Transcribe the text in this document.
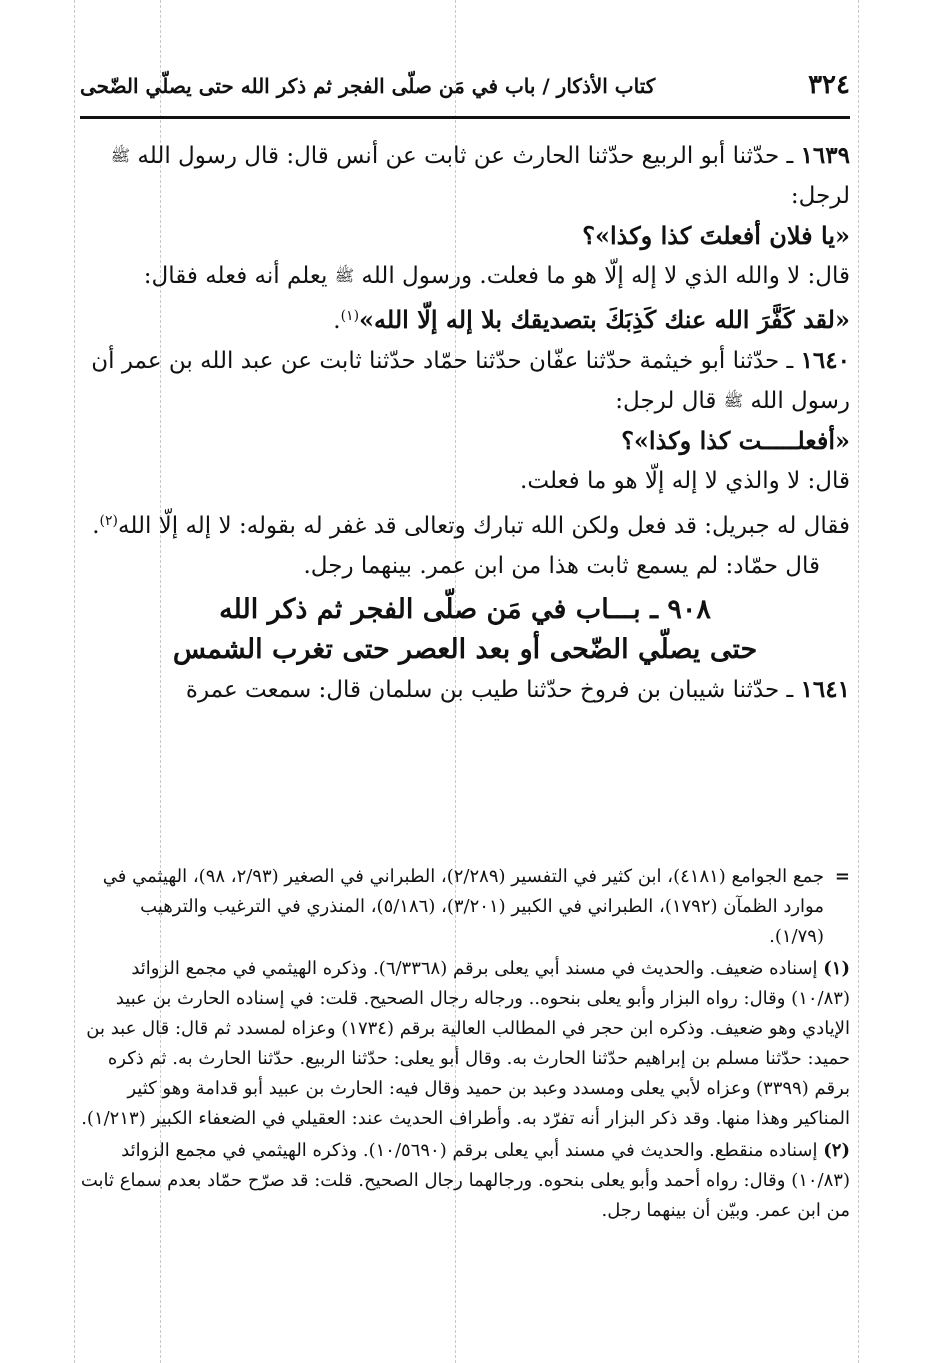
٣٢٤
كتاب الأذكار / باب في مَن صلّى الفجر ثم ذكر الله حتى يصلّي الضّحى

١٦٣٩ ـ حدّثنا أبو الربيع حدّثنا الحارث عن ثابت عن أنس قال: قال رسول الله ﷺ لرجل:

«يا فلان أفعلتَ كذا وكذا»؟

قال: لا والله الذي لا إله إلّا هو ما فعلت. ورسول الله ﷺ يعلم أنه فعله فقال:

«لقد كَفَّرَ الله عنك كَذِبَكَ بتصديقك بلا إله إلّا الله»$^{(١)}$.

١٦٤٠ ـ حدّثنا أبو خيثمة حدّثنا عفّان حدّثنا حمّاد حدّثنا ثابت عن عبد الله بن عمر أن رسول الله ﷺ قال لرجل:

«أفعلـــــت كذا وكذا»؟

قال: لا والذي لا إله إلّا هو ما فعلت.

فقال له جبريل: قد فعل ولكن الله تبارك وتعالى قد غفر له بقوله: لا إله إلّا الله$^{(٢)}$.

قال حمّاد: لم يسمع ثابت هذا من ابن عمر. بينهما رجل.

٩٠٨ ـ بـــاب في مَن صلّى الفجر ثم ذكر الله
حتى يصلّي الضّحى أو بعد العصر حتى تغرب الشمس

١٦٤١ ـ حدّثنا شيبان بن فروخ حدّثنا طيب بن سلمان قال: سمعت عمرة

=
جمع الجوامع (٤١٨١)، ابن كثير في التفسير (٢/٢٨٩)، الطبراني في الصغير (٢/٩٣، ٩٨)، الهيثمي في موارد الظمآن (١٧٩٢)، الطبراني في الكبير (٣/٢٠١)، (٥/١٨٦)، المنذري في الترغيب والترهيب (١/٧٩).

(١) إسناده ضعيف. والحديث في مسند أبي يعلى برقم (٦/٣٣٦٨). وذكره الهيثمي في مجمع الزوائد (١٠/٨٣) وقال: رواه البزار وأبو يعلى بنحوه.. ورجاله رجال الصحيح. قلت: في إسناده الحارث بن عبيد الإيادي وهو ضعيف. وذكره ابن حجر في المطالب العالية برقم (١٧٣٤) وعزاه لمسدد ثم قال: قال عبد بن حميد: حدّثنا مسلم بن إبراهيم حدّثنا الحارث به. وقال أبو يعلى: حدّثنا الربيع. حدّثنا الحارث به. ثم ذكره برقم (٣٣٩٩) وعزاه لأبي يعلى ومسدد وعبد بن حميد وقال فيه: الحارث بن عبيد أبو قدامة وهو كثير المناكير وهذا منها. وقد ذكر البزار أنه تفرّد به. وأطراف الحديث عند: العقيلي في الضعفاء الكبير (١/٢١٣).

(٢) إسناده منقطع. والحديث في مسند أبي يعلى برقم (١٠/٥٦٩٠). وذكره الهيثمي في مجمع الزوائد (١٠/٨٣) وقال: رواه أحمد وأبو يعلى بنحوه. ورجالهما رجال الصحيح. قلت: قد صرّح حمّاد بعدم سماع ثابت من ابن عمر. وبيّن أن بينهما رجل.
